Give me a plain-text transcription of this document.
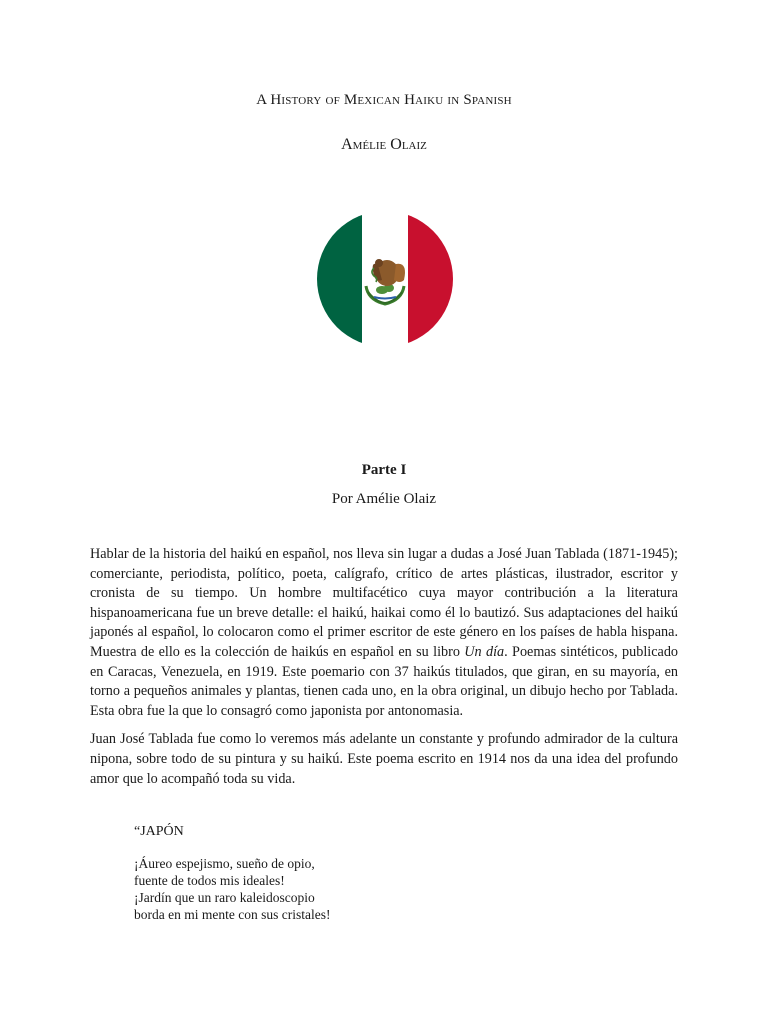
A History of Mexican Haiku in Spanish
Amélie Olaiz
Parte I
Por Amélie Olaiz

Hablar de la historia del haikú en español, nos lleva sin lugar a dudas a José Juan Tablada (1871-1945); comerciante, periodista, político, poeta, calígrafo, crítico de artes plásticas, ilustrador, escritor y cronista de su tiempo. Un hombre multifacético cuya mayor contribución a la literatura hispanoamericana fue un breve detalle: el haikú, haikai como él lo bautizó. Sus adaptaciones del haikú japonés al español, lo colocaron como el primer escritor de este género en los países de habla hispana. Muestra de ello es la colección de haikús en español en su libro Un día. Poemas sintéticos, publicado en Caracas, Venezuela, en 1919. Este poemario con 37 haikús titulados, que giran, en su mayoría, en torno a pequeños animales y plantas, tienen cada uno, en la obra original, un dibujo hecho por Tablada. Esta obra fue la que lo consagró como japonista por antonomasia.

Juan José Tablada fue como lo veremos más adelante un constante y profundo admirador de la cultura nipona, sobre todo de su pintura y su haikú. Este poema escrito en 1914 nos da una idea del profundo amor que lo acompañó toda su vida.

“JAPÓN

¡Áureo espejismo, sueño de opio,

fuente de todos mis ideales!

¡Jardín que un raro kaleidoscopio

borda en mi mente con sus cristales!
